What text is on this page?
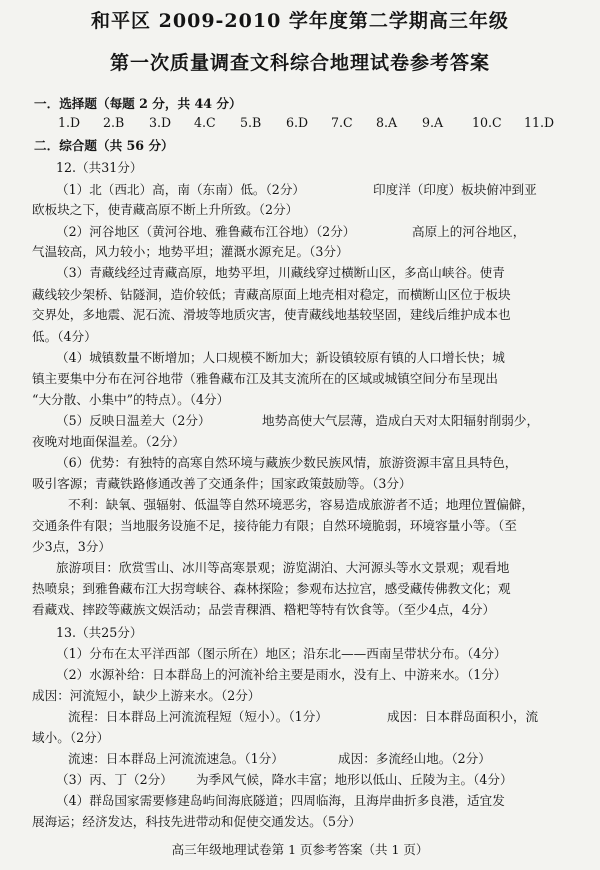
和平区 2009-2010 学年度第二学期高三年级
第一次质量调查文科综合地理试卷参考答案
一．选择题（每题 2 分，共 44 分）
1.D 2.B 3.D 4.C 5.B 6.D 7.C 8.A 9.A 10.C 11.D
二．综合题（共 56 分）
12.（共31分）
（1）北（西北）高，南（东南）低。（2分）	印度洋（印度）板块俯冲到亚
欧板块之下，使青藏高原不断上升所致。（2分）
（2）河谷地区（黄河谷地、雅鲁藏布江谷地）（2分）	高原上的河谷地区，
气温较高，风力较小；地势平坦；灌溉水源充足。（3分）
（3）青藏线经过青藏高原，地势平坦，川藏线穿过横断山区，多高山峡谷。使青
藏线较少架桥、钻隧洞，造价较低；青藏高原面上地壳相对稳定，而横断山区位于板块
交界处，多地震、泥石流、滑坡等地质灾害，使青藏线地基较坚固，建线后维护成本也
低。（4分）
（4）城镇数量不断增加；人口规模不断加大；新设镇较原有镇的人口增长快；城
镇主要集中分布在河谷地带（雅鲁藏布江及其支流所在的区域或城镇空间分布呈现出
“大分散、小集中”的特点）。（4分）
（5）反映日温差大（2分）	地势高使大气层薄，造成白天对太阳辐射削弱少，
夜晚对地面保温差。（2分）
（6）优势：有独特的高寒自然环境与藏族少数民族风情，旅游资源丰富且具特色，
吸引客源；青藏铁路修通改善了交通条件；国家政策鼓励等。（3分）
不利：缺氧、强辐射、低温等自然环境恶劣，容易造成旅游者不适；地理位置偏僻，
交通条件有限；当地服务设施不足，接待能力有限；自然环境脆弱，环境容量小等。（至
少3点，3分）
旅游项目：欣赏雪山、冰川等高寒景观；游览湖泊、大河源头等水文景观；观看地
热喷泉；到雅鲁藏布江大拐弯峡谷、森林探险；参观布达拉宫，感受藏传佛教文化；观
看藏戏、摔跤等藏族文娱活动；品尝青稞酒、糌粑等特有饮食等。（至少4点，4分）
13.（共25分）
（1）分布在太平洋西部（图示所在）地区；沿东北——西南呈带状分布。（4分）
（2）水源补给：日本群岛上的河流补给主要是雨水，没有上、中游来水。（1分）
成因：河流短小，缺少上游来水。（2分）
流程：日本群岛上河流流程短（短小）。（1分）	成因：日本群岛面积小，流
域小。（2分）
流速：日本群岛上河流流速急。（1分）	成因：多流经山地。（2分）
（3）丙、丁（2分） 为季风气候，降水丰富；地形以低山、丘陵为主。（4分）
（4）群岛国家需要修建岛屿间海底隧道；四周临海，且海岸曲折多良港，适宜发
展海运；经济发达，科技先进带动和促使交通发达。（5分）
高三年级地理试卷第 1 页参考答案（共 1 页）
